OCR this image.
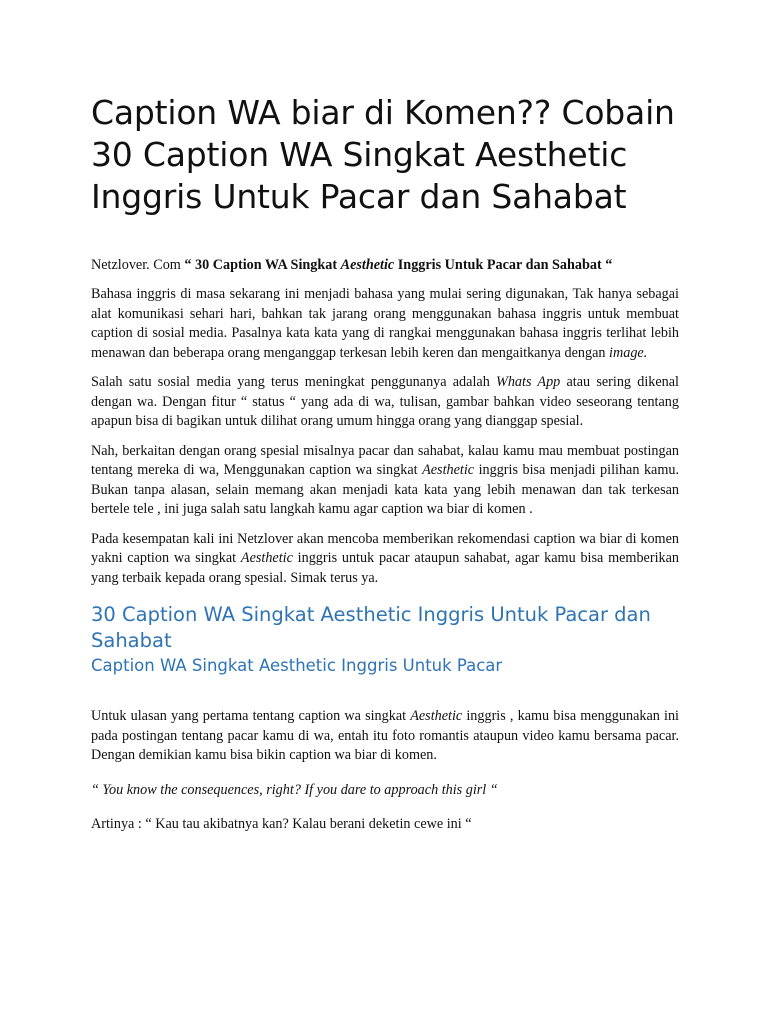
Caption WA biar di Komen?? Cobain 30 Caption WA Singkat Aesthetic Inggris Untuk Pacar dan Sahabat

Netzlover. Com “ 30 Caption WA Singkat Aesthetic Inggris Untuk Pacar dan Sahabat “

Bahasa inggris di masa sekarang ini menjadi bahasa yang mulai sering digunakan, Tak hanya sebagai alat komunikasi sehari hari, bahkan tak jarang orang menggunakan bahasa inggris untuk membuat caption di sosial media. Pasalnya kata kata yang di rangkai menggunakan bahasa inggris terlihat lebih menawan dan beberapa orang menganggap terkesan lebih keren dan mengaitkanya dengan image.

Salah satu sosial media yang terus meningkat penggunanya adalah Whats App atau sering dikenal dengan wa. Dengan fitur “ status “ yang ada di wa, tulisan, gambar bahkan video seseorang tentang apapun bisa di bagikan untuk dilihat orang umum hingga orang yang dianggap spesial.

Nah, berkaitan dengan orang spesial misalnya pacar dan sahabat, kalau kamu mau membuat postingan tentang mereka di wa, Menggunakan caption wa singkat Aesthetic inggris bisa menjadi pilihan kamu. Bukan tanpa alasan, selain memang akan menjadi kata kata yang lebih menawan dan tak terkesan bertele tele , ini juga salah satu langkah kamu agar caption wa biar di komen .

Pada kesempatan kali ini Netzlover akan mencoba memberikan rekomendasi caption wa biar di komen yakni caption wa singkat Aesthetic inggris untuk pacar ataupun sahabat, agar kamu bisa memberikan yang terbaik kepada orang spesial. Simak terus ya.

30 Caption WA Singkat Aesthetic Inggris Untuk Pacar dan Sahabat
Caption WA Singkat Aesthetic Inggris Untuk Pacar

Untuk ulasan yang pertama tentang caption wa singkat Aesthetic inggris , kamu bisa menggunakan ini pada postingan tentang pacar kamu di wa, entah itu foto romantis ataupun video kamu bersama pacar. Dengan demikian kamu bisa bikin caption wa biar di komen.

“ You know the consequences, right? If you dare to approach this girl “

Artinya : “ Kau tau akibatnya kan? Kalau berani deketin cewe ini “
